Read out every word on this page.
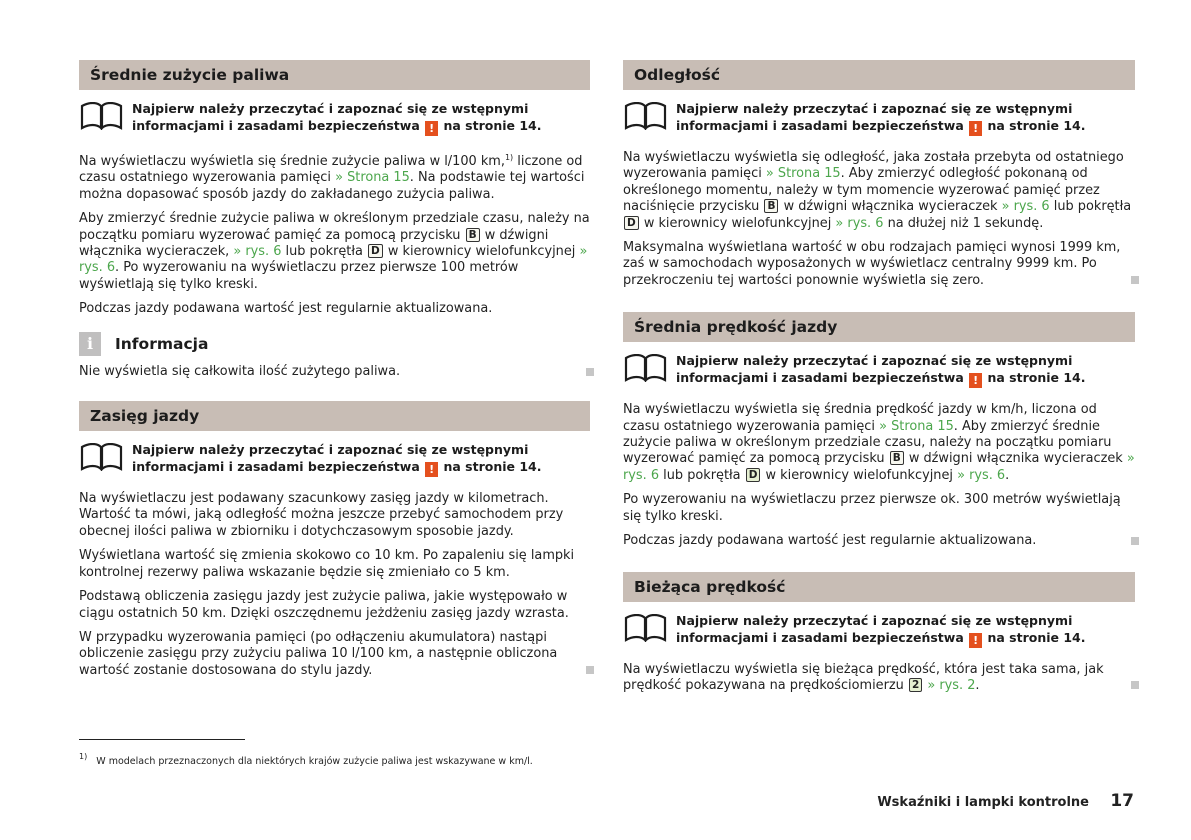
Średnie zużycie paliwa
Najpierw należy przeczytać i zapoznać się ze wstępnymi informacjami i zasadami bezpieczeństwa ! na stronie 14.

Na wyświetlaczu wyświetla się średnie zużycie paliwa w l/100 km,$^{1)}$ liczone od czasu ostatniego wyzerowania pamięci » Strona 15. Na podstawie tej wartości można dopasować sposób jazdy do zakładanego zużycia paliwa.

Aby zmierzyć średnie zużycie paliwa w określonym przedziale czasu, należy na początku pomiaru wyzerować pamięć za pomocą przycisku B w dźwigni włącznika wycieraczek, » rys. 6 lub pokrętła D w kierownicy wielofunkcyjnej » rys. 6. Po wyzerowaniu na wyświetlaczu przez pierwsze 100 metrów wyświetlają się tylko kreski.

Podczas jazdy podawana wartość jest regularnie aktualizowana.

i	Informacja

Nie wyświetla się całkowita ilość zużytego paliwa.

Zasięg jazdy
Najpierw należy przeczytać i zapoznać się ze wstępnymi informacjami i zasadami bezpieczeństwa ! na stronie 14.

Na wyświetlaczu jest podawany szacunkowy zasięg jazdy w kilometrach. Wartość ta mówi, jaką odległość można jeszcze przebyć samochodem przy obecnej ilości paliwa w zbiorniku i dotychczasowym sposobie jazdy.

Wyświetlana wartość się zmienia skokowo co 10 km. Po zapaleniu się lampki kontrolnej rezerwy paliwa wskazanie będzie się zmieniało co 5 km.

Podstawą obliczenia zasięgu jazdy jest zużycie paliwa, jakie występowało w ciągu ostatnich 50 km. Dzięki oszczędnemu jeżdżeniu zasięg jazdy wzrasta.

W przypadku wyzerowania pamięci (po odłączeniu akumulatora) nastąpi obliczenie zasięgu przy zużyciu paliwa 10 l/100 km, a następnie obliczona wartość zostanie dostosowana do stylu jazdy.

Odległość
Najpierw należy przeczytać i zapoznać się ze wstępnymi informacjami i zasadami bezpieczeństwa ! na stronie 14.

Na wyświetlaczu wyświetla się odległość, jaka została przebyta od ostatniego wyzerowania pamięci » Strona 15. Aby zmierzyć odległość pokonaną od określonego momentu, należy w tym momencie wyzerować pamięć przez naciśnięcie przycisku B w dźwigni włącznika wycieraczek » rys. 6 lub pokrętła D w kierownicy wielofunkcyjnej » rys. 6 na dłużej niż 1 sekundę.

Maksymalna wyświetlana wartość w obu rodzajach pamięci wynosi 1999 km, zaś w samochodach wyposażonych w wyświetlacz centralny 9999 km. Po przekroczeniu tej wartości ponownie wyświetla się zero.

Średnia prędkość jazdy
Najpierw należy przeczytać i zapoznać się ze wstępnymi informacjami i zasadami bezpieczeństwa ! na stronie 14.

Na wyświetlaczu wyświetla się średnia prędkość jazdy w km/h, liczona od czasu ostatniego wyzerowania pamięci » Strona 15. Aby zmierzyć średnie zużycie paliwa w określonym przedziale czasu, należy na początku pomiaru wyzerować pamięć za pomocą przycisku B w dźwigni włącznika wycieraczek » rys. 6 lub pokrętła D w kierownicy wielofunkcyjnej » rys. 6.

Po wyzerowaniu na wyświetlaczu przez pierwsze ok. 300 metrów wyświetlają się tylko kreski.

Podczas jazdy podawana wartość jest regularnie aktualizowana.

Bieżąca prędkość
Najpierw należy przeczytać i zapoznać się ze wstępnymi informacjami i zasadami bezpieczeństwa ! na stronie 14.

Na wyświetlaczu wyświetla się bieżąca prędkość, która jest taka sama, jak prędkość pokazywana na prędkościomierzu 2 » rys. 2.

$^{1)}$ W modelach przeznaczonych dla niektórych krajów zużycie paliwa jest wskazywane w km/l.
Wskaźniki i lampki kontrolne 17
